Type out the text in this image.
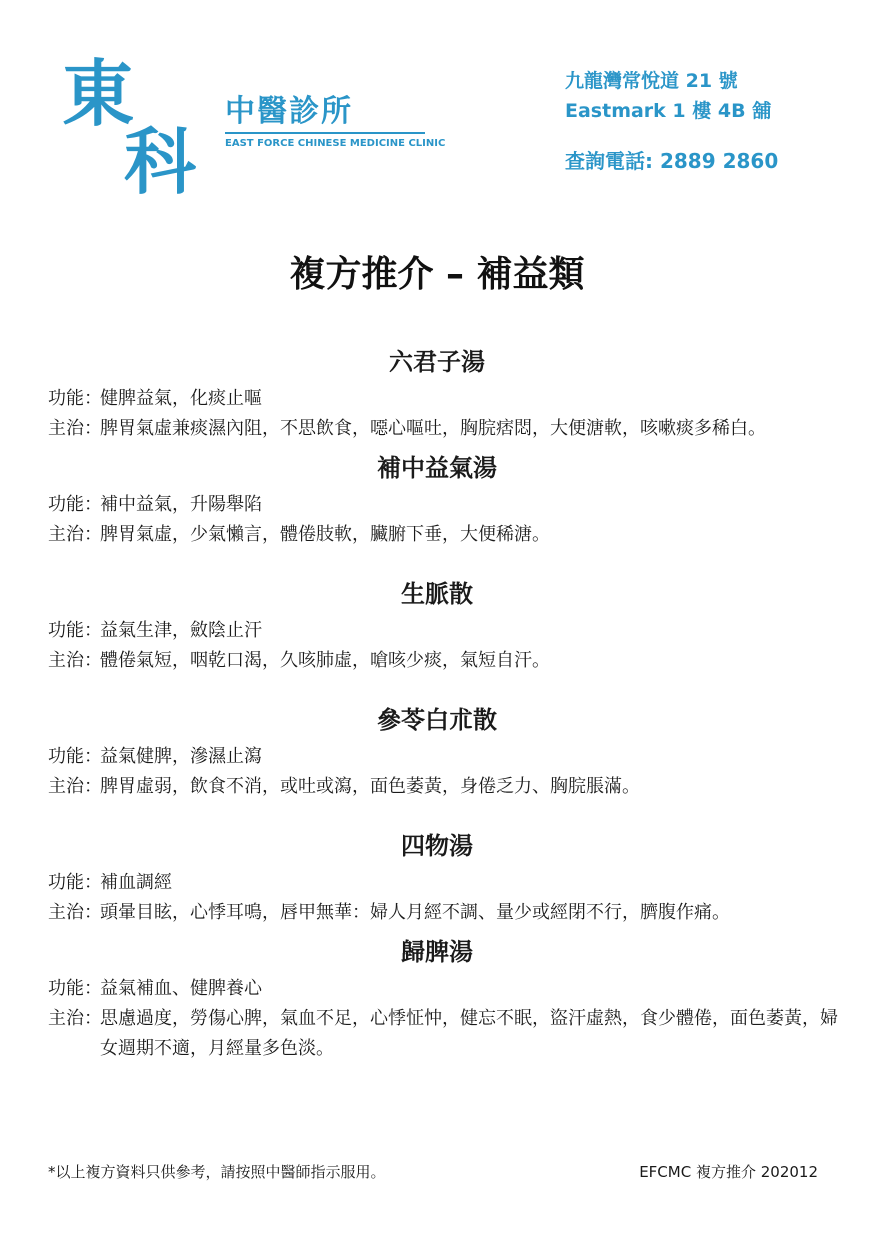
東
科
中醫診所
EAST FORCE CHINESE MEDICINE CLINIC
九龍灣常悅道 21 號
Eastmark 1 樓 4B 舖
查詢電話: 2889 2860
複方推介 – 補益類
六君子湯
功能 ：
健脾益氣，化痰止嘔
主治 ：
脾胃氣虛兼痰濕內阻，不思飲食，噁心嘔吐，胸脘痞悶，大便溏軟，咳嗽痰多稀白。
補中益氣湯
功能 ：
補中益氣，升陽舉陷
主治 ：
脾胃氣虛，少氣懶言，體倦肢軟，臟腑下垂，大便稀溏。
生脈散
功能 ：
益氣生津，斂陰止汗
主治 ：
體倦氣短，咽乾口渴，久咳肺虛，嗆咳少痰，氣短自汗。
參苓白朮散
功能 ：
益氣健脾，滲濕止瀉
主治 ：
脾胃虛弱，飲食不消，或吐或瀉，面色萎黃，身倦乏力、胸脘脹滿。
四物湯
功能 ：
補血調經
主治 ：
頭暈目眩，心悸耳鳴，唇甲無華：婦人月經不調、量少或經閉不行，臍腹作痛。
歸脾湯
功能 ：
益氣補血、健脾養心
主治 ：
思慮過度，勞傷心脾，氣血不足，心悸怔忡，健忘不眠，盜汗虛熱，食少體倦，面色萎黃，婦女週期不適，月經量多色淡。
*以上複方資料只供參考，請按照中醫師指示服用。	EFCMC 複方推介 202012
